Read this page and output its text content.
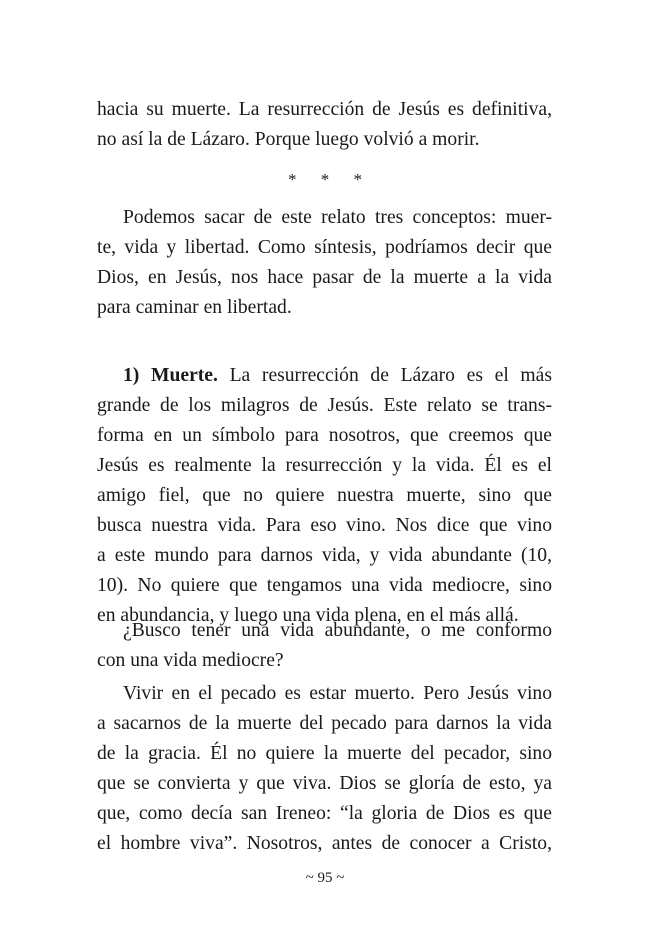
hacia su muerte. La resurrección de Jesús es definitiva,
no así la de Lázaro. Porque luego volvió a morir.
* * *
Podemos sacar de este relato tres conceptos: muer-
te, vida y libertad. Como síntesis, podríamos decir que
Dios, en Jesús, nos hace pasar de la muerte a la vida
para caminar en libertad.
1) Muerte. La resurrección de Lázaro es el más
grande de los milagros de Jesús. Este relato se trans-
forma en un símbolo para nosotros, que creemos que
Jesús es realmente la resurrección y la vida. Él es el
amigo fiel, que no quiere nuestra muerte, sino que
busca nuestra vida. Para eso vino. Nos dice que vino
a este mundo para darnos vida, y vida abundante (10,
10). No quiere que tengamos una vida mediocre, sino
en abundancia, y luego una vida plena, en el más allá.
¿Busco tener una vida abundante, o me conformo
con una vida mediocre?
Vivir en el pecado es estar muerto. Pero Jesús vino
a sacarnos de la muerte del pecado para darnos la vida
de la gracia. Él no quiere la muerte del pecador, sino
que se convierta y que viva. Dios se gloría de esto, ya
que, como decía san Ireneo: “la gloria de Dios es que
el hombre viva”. Nosotros, antes de conocer a Cristo,
~ 95 ~
